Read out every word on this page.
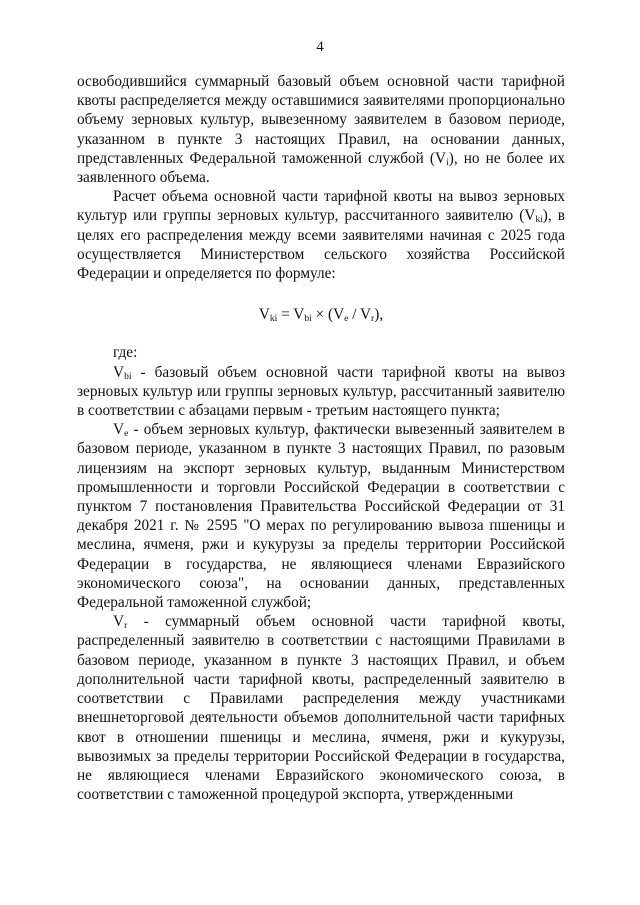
4

освободившийся суммарный базовый объем основной части тарифной квоты распределяется между оставшимися заявителями пропорционально объему зерновых культур, вывезенному заявителем в базовом периоде, указанном в пункте 3 настоящих Правил, на основании данных, представленных Федеральной таможенной службой $(V_i)$, но не более их заявленного объема.

Расчет объема основной части тарифной квоты на вывоз зерновых культур или группы зерновых культур, рассчитанного заявителю $(V_{ki})$, в целях его распределения между всеми заявителями начиная с 2025 года осуществляется Министерством сельского хозяйства Российской Федерации и определяется по формуле:

$V_{ki} = V_{bi} \times (V_e / V_r)$,

где:

$V_{bi}$ - базовый объем основной части тарифной квоты на вывоз зерновых культур или группы зерновых культур, рассчитанный заявителю в соответствии с абзацами первым - третьим настоящего пункта;

$V_e$ - объем зерновых культур, фактически вывезенный заявителем в базовом периоде, указанном в пункте 3 настоящих Правил, по разовым лицензиям на экспорт зерновых культур, выданным Министерством промышленности и торговли Российской Федерации в соответствии с пунктом 7 постановления Правительства Российской Федерации от 31 декабря 2021 г. № 2595 "О мерах по регулированию вывоза пшеницы и меслина, ячменя, ржи и кукурузы за пределы территории Российской Федерации в государства, не являющиеся членами Евразийского экономического союза", на основании данных, представленных Федеральной таможенной службой;

$V_r$ - суммарный объем основной части тарифной квоты, распределенный заявителю в соответствии с настоящими Правилами в базовом периоде, указанном в пункте 3 настоящих Правил, и объем дополнительной части тарифной квоты, распределенный заявителю в соответствии с Правилами распределения между участниками внешнеторговой деятельности объемов дополнительной части тарифных квот в отношении пшеницы и меслина, ячменя, ржи и кукурузы, вывозимых за пределы территории Российской Федерации в государства, не являющиеся членами Евразийского экономического союза, в соответствии с таможенной процедурой экспорта, утвержденными
